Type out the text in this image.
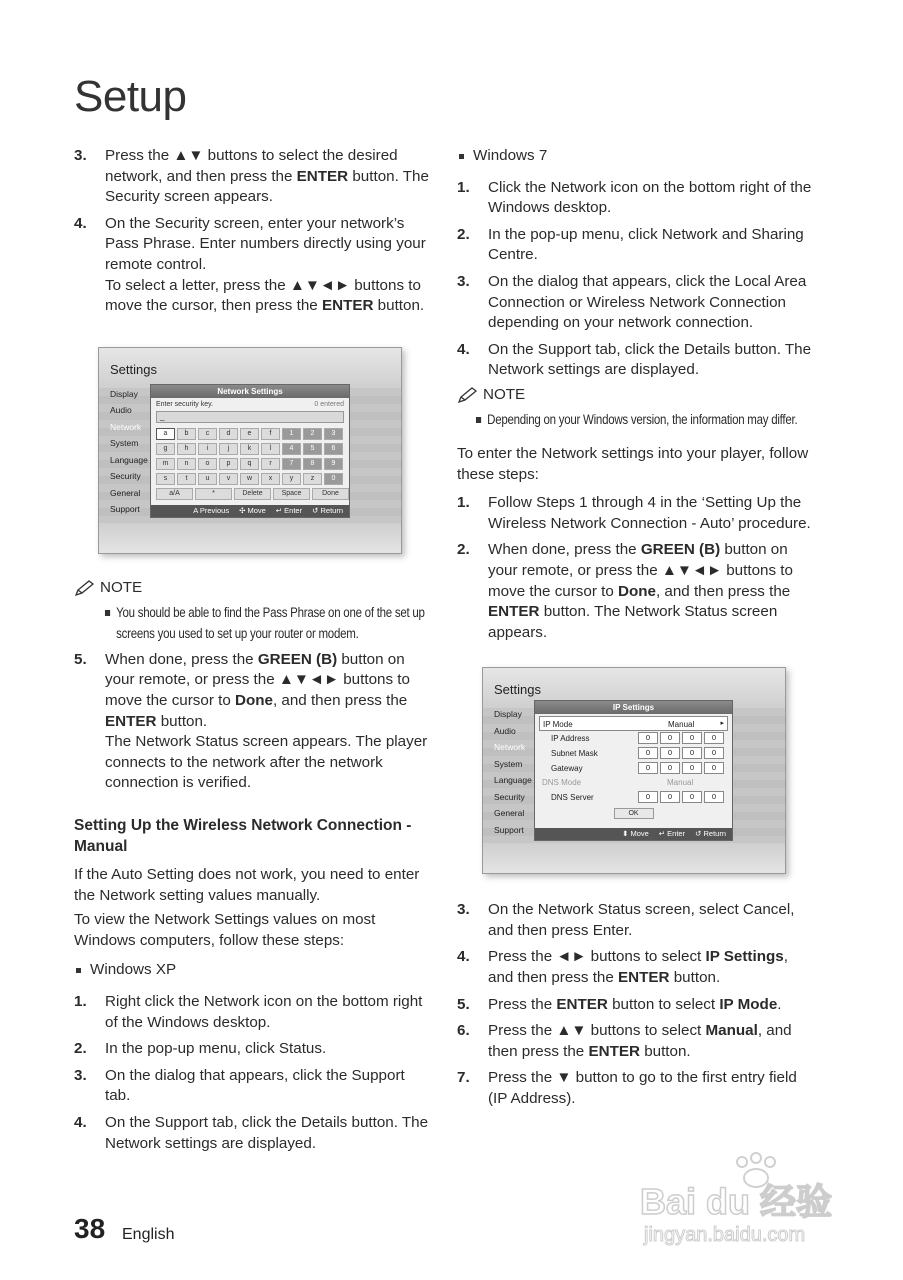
Setup
3. Press the ▲▼ buttons to select the desired network, and then press the ENTER button. The Security screen appears.
4. On the Security screen, enter your network’s Pass Phrase. Enter numbers directly using your remote control.
To select a letter, press the ▲▼◄► buttons to move the cursor, then press the ENTER button.
Settings
Display
Audio
Network
System
Language
Security
General
Support
Network Settings
Enter security key.	0 entered
_
a	b	c	d	e	f	1	2	3
g	h	i	j	k	l	4	5	6
m	n	o	p	q	r	7	8	9
s	t	u	v	w	x	y	z	0
a/A	*	Delete	Space	Done
A Previous ✣ Move ↵ Enter ↺ Return
NOTE
You should be able to find the Pass Phrase on one of the set up screens you used to set up your router or modem.
5. When done, press the GREEN (B) button on your remote, or press the ▲▼◄► buttons to move the cursor to Done, and then press the ENTER button.
The Network Status screen appears. The player connects to the network after the network connection is verified.
Setting Up the Wireless Network Connection - Manual
If the Auto Setting does not work, you need to enter the Network setting values manually.
To view the Network Settings values on most Windows computers, follow these steps:
Windows XP
1. Right click the Network icon on the bottom right of the Windows desktop.
2. In the pop-up menu, click Status.
3. On the dialog that appears, click the Support tab.
4. On the Support tab, click the Details button. The Network settings are displayed.
Windows 7
1. Click the Network icon on the bottom right of the Windows desktop.
2. In the pop-up menu, click Network and Sharing Centre.
3. On the dialog that appears, click the Local Area Connection or Wireless Network Connection depending on your network connection.
4. On the Support tab, click the Details button. The Network settings are displayed.
NOTE
Depending on your Windows version, the information may differ.
To enter the Network settings into your player, follow these steps:
1. Follow Steps 1 through 4 in the ‘Setting Up the Wireless Network Connection - Auto’ procedure.
2. When done, press the GREEN (B) button on your remote, or press the ▲▼◄► buttons to move the cursor to Done, and then press the ENTER button. The Network Status screen appears.
Settings
Display
Audio
Network
System
Language
Security
General
Support
IP Settings
IP Mode	Manual	▸
IP Address	0	0	0	0
Subnet Mask	0	0	0	0
Gateway	0	0	0	0
DNS Mode	Manual
DNS Server	0	0	0	0
OK
⬍ Move ↵ Enter ↺ Return
3. On the Network Status screen, select Cancel, and then press Enter.
4. Press the ◄► buttons to select IP Settings, and then press the ENTER button.
5. Press the ENTER button to select IP Mode.
6. Press the ▲▼ buttons to select Manual, and then press the ENTER button.
7. Press the ▼ button to go to the first entry field (IP Address).
38 English
Bai du 经验
jingyan.baidu.com
